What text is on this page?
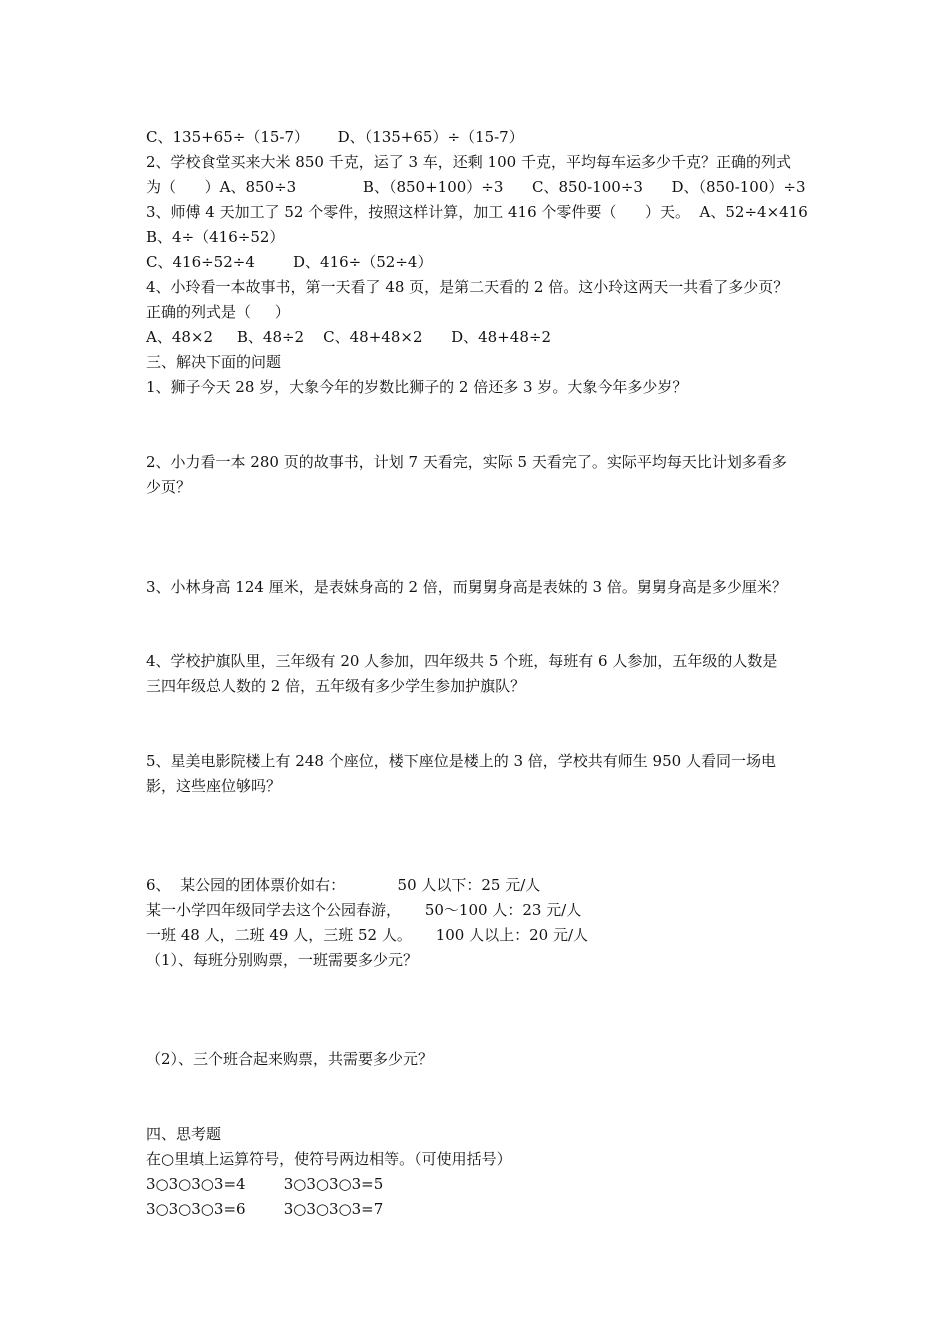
C、135+65÷（15-7）      D、（135+65）÷（15-7）

2、学校食堂买来大米 850 千克，运了 3 车，还剩 100 千克，平均每车运多少千克？正确的列式

为（      ）A、850÷3              B、（850+100）÷3      C、850-100÷3      D、（850-100）÷3

3、师傅 4 天加工了 52 个零件，按照这样计算，加工 416 个零件要（      ）天。  A、52÷4×416

B、4÷（416÷52）

C、416÷52÷4        D、416÷（52÷4）

4、小玲看一本故事书，第一天看了 48 页，是第二天看的 2 倍。这小玲这两天一共看了多少页？

正确的列式是（     ）

A、48×2     B、48÷2    C、48+48×2      D、48+48÷2

三、解决下面的问题

1、狮子今天 28 岁，大象今年的岁数比狮子的 2 倍还多 3 岁。大象今年多少岁？

2、小力看一本 280 页的故事书，计划 7 天看完，实际 5 天看完了。实际平均每天比计划多看多

少页？

3、小林身高 124 厘米，是表妹身高的 2 倍，而舅舅身高是表妹的 3 倍。舅舅身高是多少厘米？

4、学校护旗队里，三年级有 20 人参加，四年级共 5 个班，每班有 6 人参加，五年级的人数是

三四年级总人数的 2 倍，五年级有多少学生参加护旗队？

5、星美电影院楼上有 248 个座位，楼下座位是楼上的 3 倍，学校共有师生 950 人看同一场电

影，这些座位够吗？

6、  某公园的团体票价如右：           50 人以下：25 元/人

某一小学四年级同学去这个公园春游，     50～100 人：23 元/人

一班 48 人，二班 49 人，三班 52 人。     100 人以上：20 元/人

（1）、每班分别购票，一班需要多少元？

（2）、三个班合起来购票，共需要多少元？

四、思考题

在○里填上运算符号，使符号两边相等。（可使用括号）

3○3○3○3=4        3○3○3○3=5

3○3○3○3=6        3○3○3○3=7
